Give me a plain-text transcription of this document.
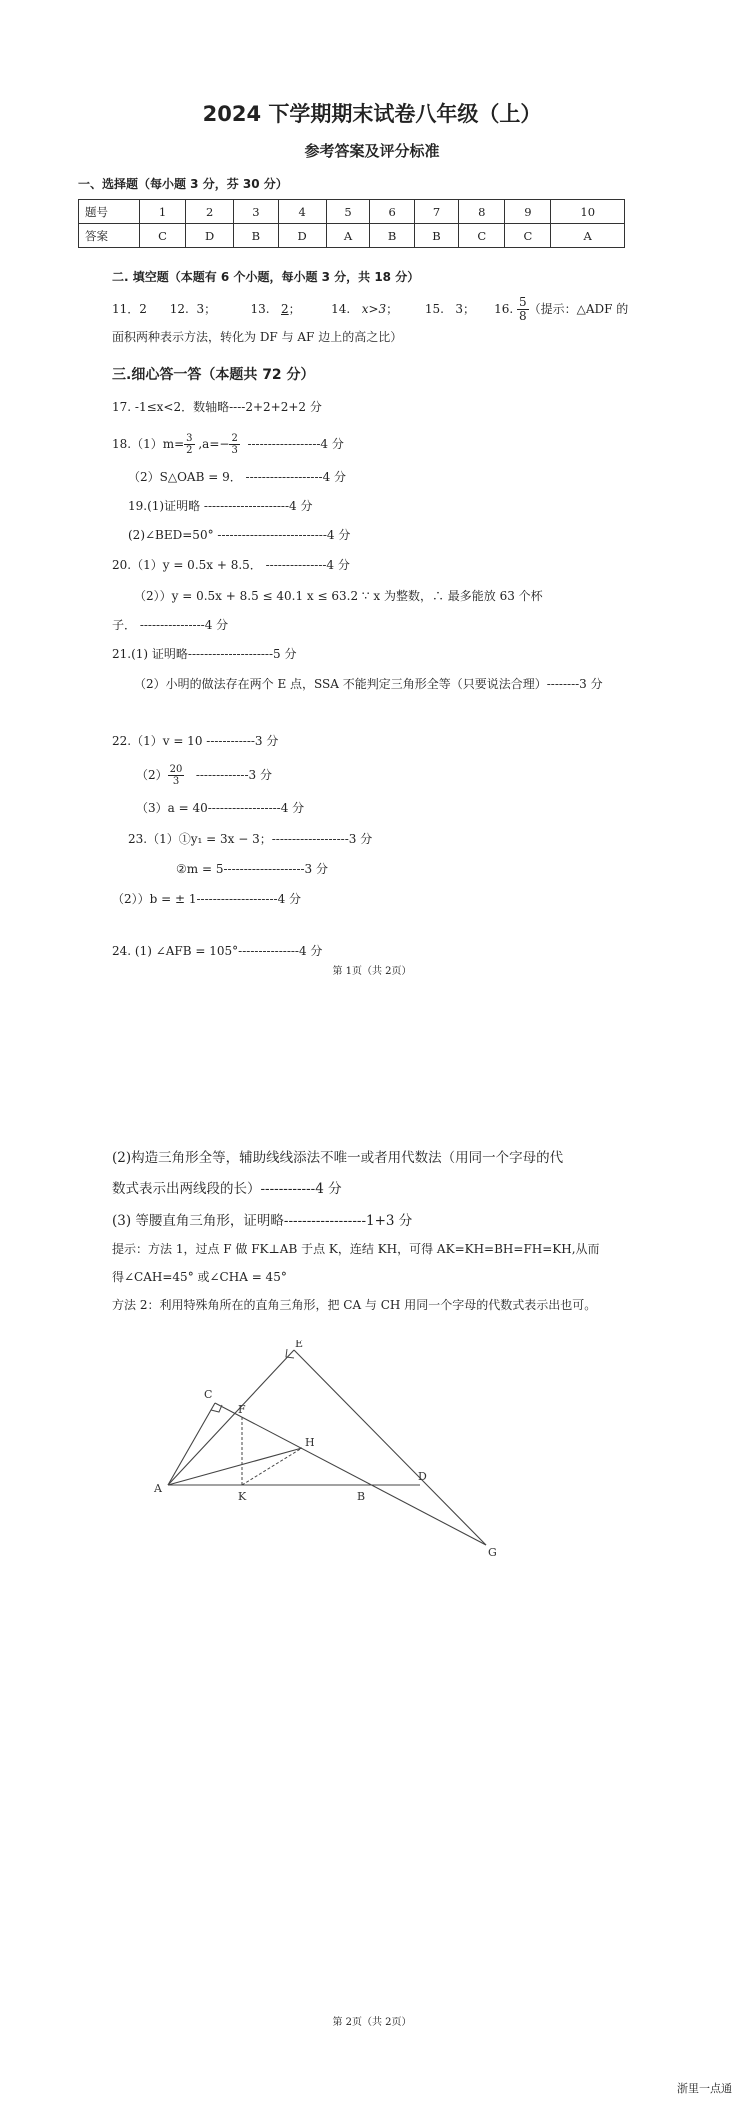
2024 下学期期末试卷八年级（上）
参考答案及评分标准
一、选择题（每小题 3 分，芬 30 分）
题号	1	2	3	4	5	6	7	8	9	10
答案	C	D	B	D	A	B	B	C	C	A
二. 填空题（本题有 6 个小题，每小题 3 分，共 18 分）
11．2      12.  3；         13.   2；        14.   x>3；       15.   3；     16. $\frac{5}{8}$ （提示：△ADF 的
面积两种表示方法，转化为 DF 与 AF 边上的高之比）
三.细心答一答（本题共 72 分）
17. -1≤x<2．数轴略----2+2+2+2 分
$18.(1)m= \frac{3}{2} ,a=- \frac{2}{3} ------------------4$ 分
（2）S△OAB = 9． -------------------4 分
19.(1)证明略 ---------------------4 分
(2)∠BED=50° ---------------------------4 分
20.（1）y = 0.5x + 8.5． ---------------4 分
（2））y = 0.5x + 8.5 ≤ 40.1 x ≤ 63.2 ∵ x 为整数，∴ 最多能放 63 个杯
子． ----------------4 分
21.(1) 证明略---------------------5 分
（2）小明的做法存在两个 E 点，SSA 不能判定三角形全等（只要说法合理）--------3 分
22.（1）v = 10 ------------3 分
$(2) \frac{20}{3} -------------3$ 分
（3）a = 40------------------4 分
23.（1）①y₁ = 3x − 3；-------------------3 分
②m = 5--------------------3 分
（2））b = ± 1--------------------4 分
24. (1) ∠AFB = 105°---------------4 分
第 1页（共 2页）
(2)构造三角形全等，辅助线线添法不唯一或者用代数法（用同一个字母的代
数式表示出两线段的长）------------4 分
(3) 等腰直角三角形，证明略------------------1+3 分
提示：方法 1，过点 F 做 FK⊥AB 于点 K，连结 KH，可得 AK=KH=BH=FH=KH,从而
得∠CAH=45° 或∠CHA = 45°
方法 2：利用特殊角所在的直角三角形，把 CA 与 CH 用同一个字母的代数式表示出也可。
A
C
F
E
H
K	B
D
G
第 2页（共 2页）
浙里一点通
